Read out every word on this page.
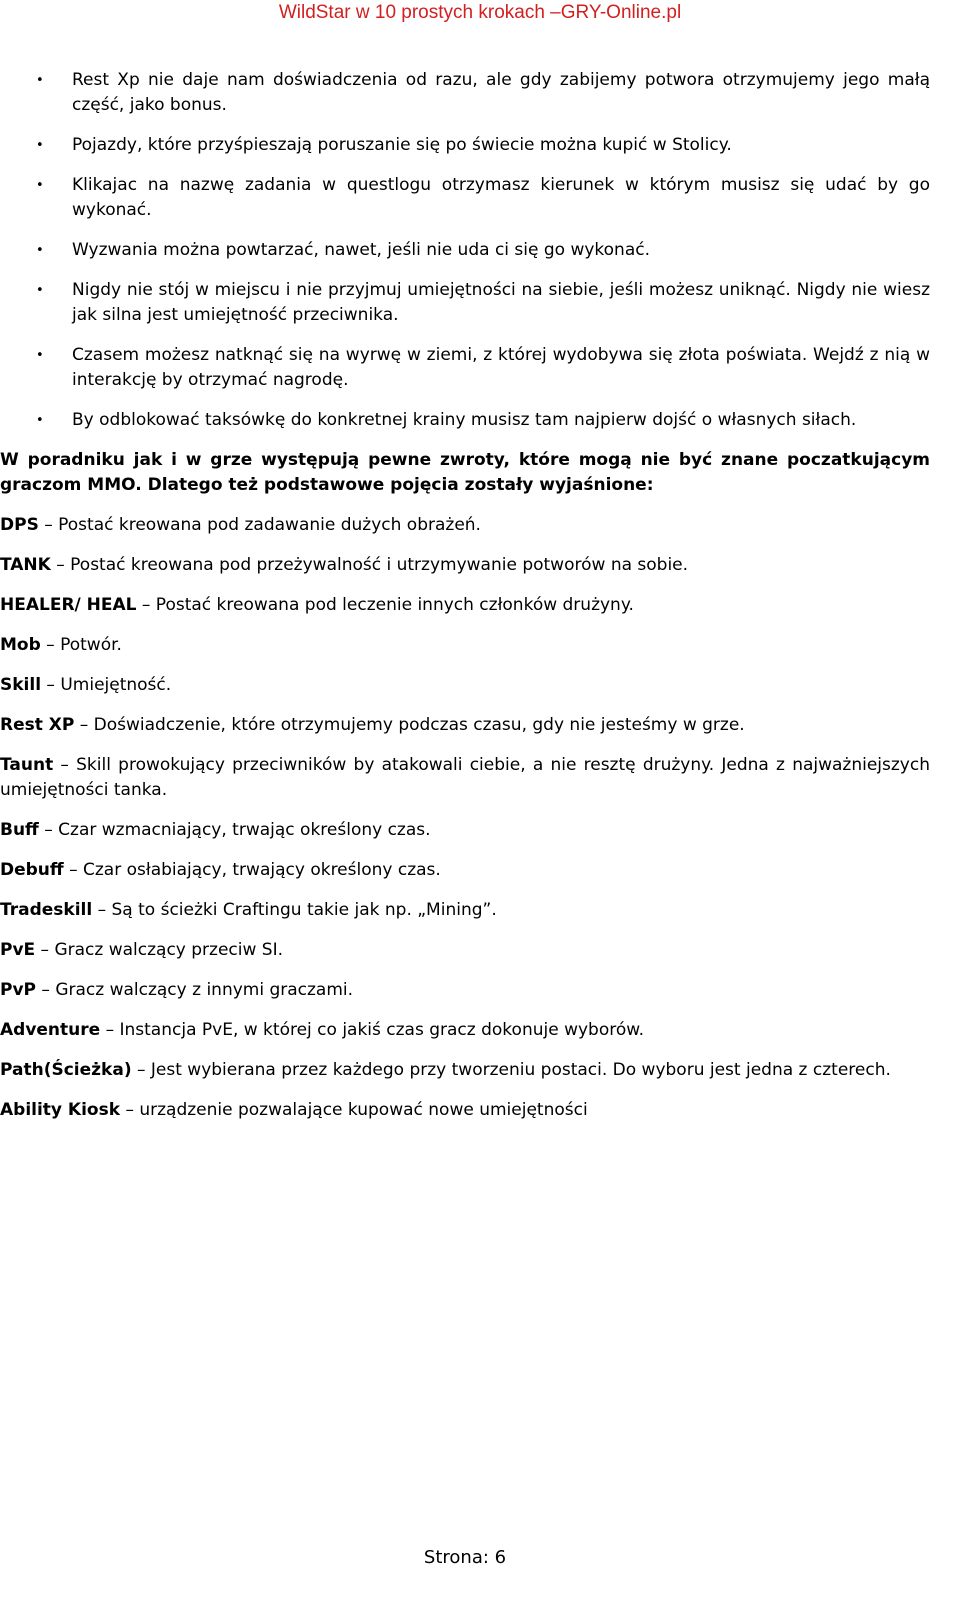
WildStar w 10 prostych krokach –GRY-Online.pl
• Rest Xp nie daje nam doświadczenia od razu, ale gdy zabijemy potwora otrzymujemy jego małą część, jako bonus.
• Pojazdy, które przyśpieszają poruszanie się po świecie można kupić w Stolicy.
• Klikajac na nazwę zadania w questlogu otrzymasz kierunek w którym musisz się udać by go wykonać.
• Wyzwania można powtarzać, nawet, jeśli nie uda ci się go wykonać.
• Nigdy nie stój w miejscu i nie przyjmuj umiejętności na siebie, jeśli możesz uniknąć. Nigdy nie wiesz jak silna jest umiejętność przeciwnika.
• Czasem możesz natknąć się na wyrwę w ziemi, z której wydobywa się złota poświata. Wejdź z nią w interakcję by otrzymać nagrodę.
• By odblokować taksówkę do konkretnej krainy musisz tam najpierw dojść o własnych siłach.

W poradniku jak i w grze występują pewne zwroty, które mogą nie być znane poczatkującym graczom MMO. Dlatego też podstawowe pojęcia zostały wyjaśnione:

DPS – Postać kreowana pod zadawanie dużych obrażeń.

TANK – Postać kreowana pod przeżywalność i utrzymywanie potworów na sobie.

HEALER/ HEAL – Postać kreowana pod leczenie innych członków drużyny.

Mob – Potwór.

Skill – Umiejętność.

Rest XP – Doświadczenie, które otrzymujemy podczas czasu, gdy nie jesteśmy w grze.

Taunt – Skill prowokujący przeciwników by atakowali ciebie, a nie resztę drużyny. Jedna z najważniejszych umiejętności tanka.

Buff – Czar wzmacniający, trwając określony czas.

Debuff – Czar osłabiający, trwający określony czas.

Tradeskill – Są to ścieżki Craftingu takie jak np. „Mining”.

PvE – Gracz walczący przeciw SI.

PvP – Gracz walczący z innymi graczami.

Adventure – Instancja PvE, w której co jakiś czas gracz dokonuje wyborów.

Path(Ścieżka) – Jest wybierana przez każdego przy tworzeniu postaci. Do wyboru jest jedna z czterech.

Ability Kiosk – urządzenie pozwalające kupować nowe umiejętności

Strona: 6
